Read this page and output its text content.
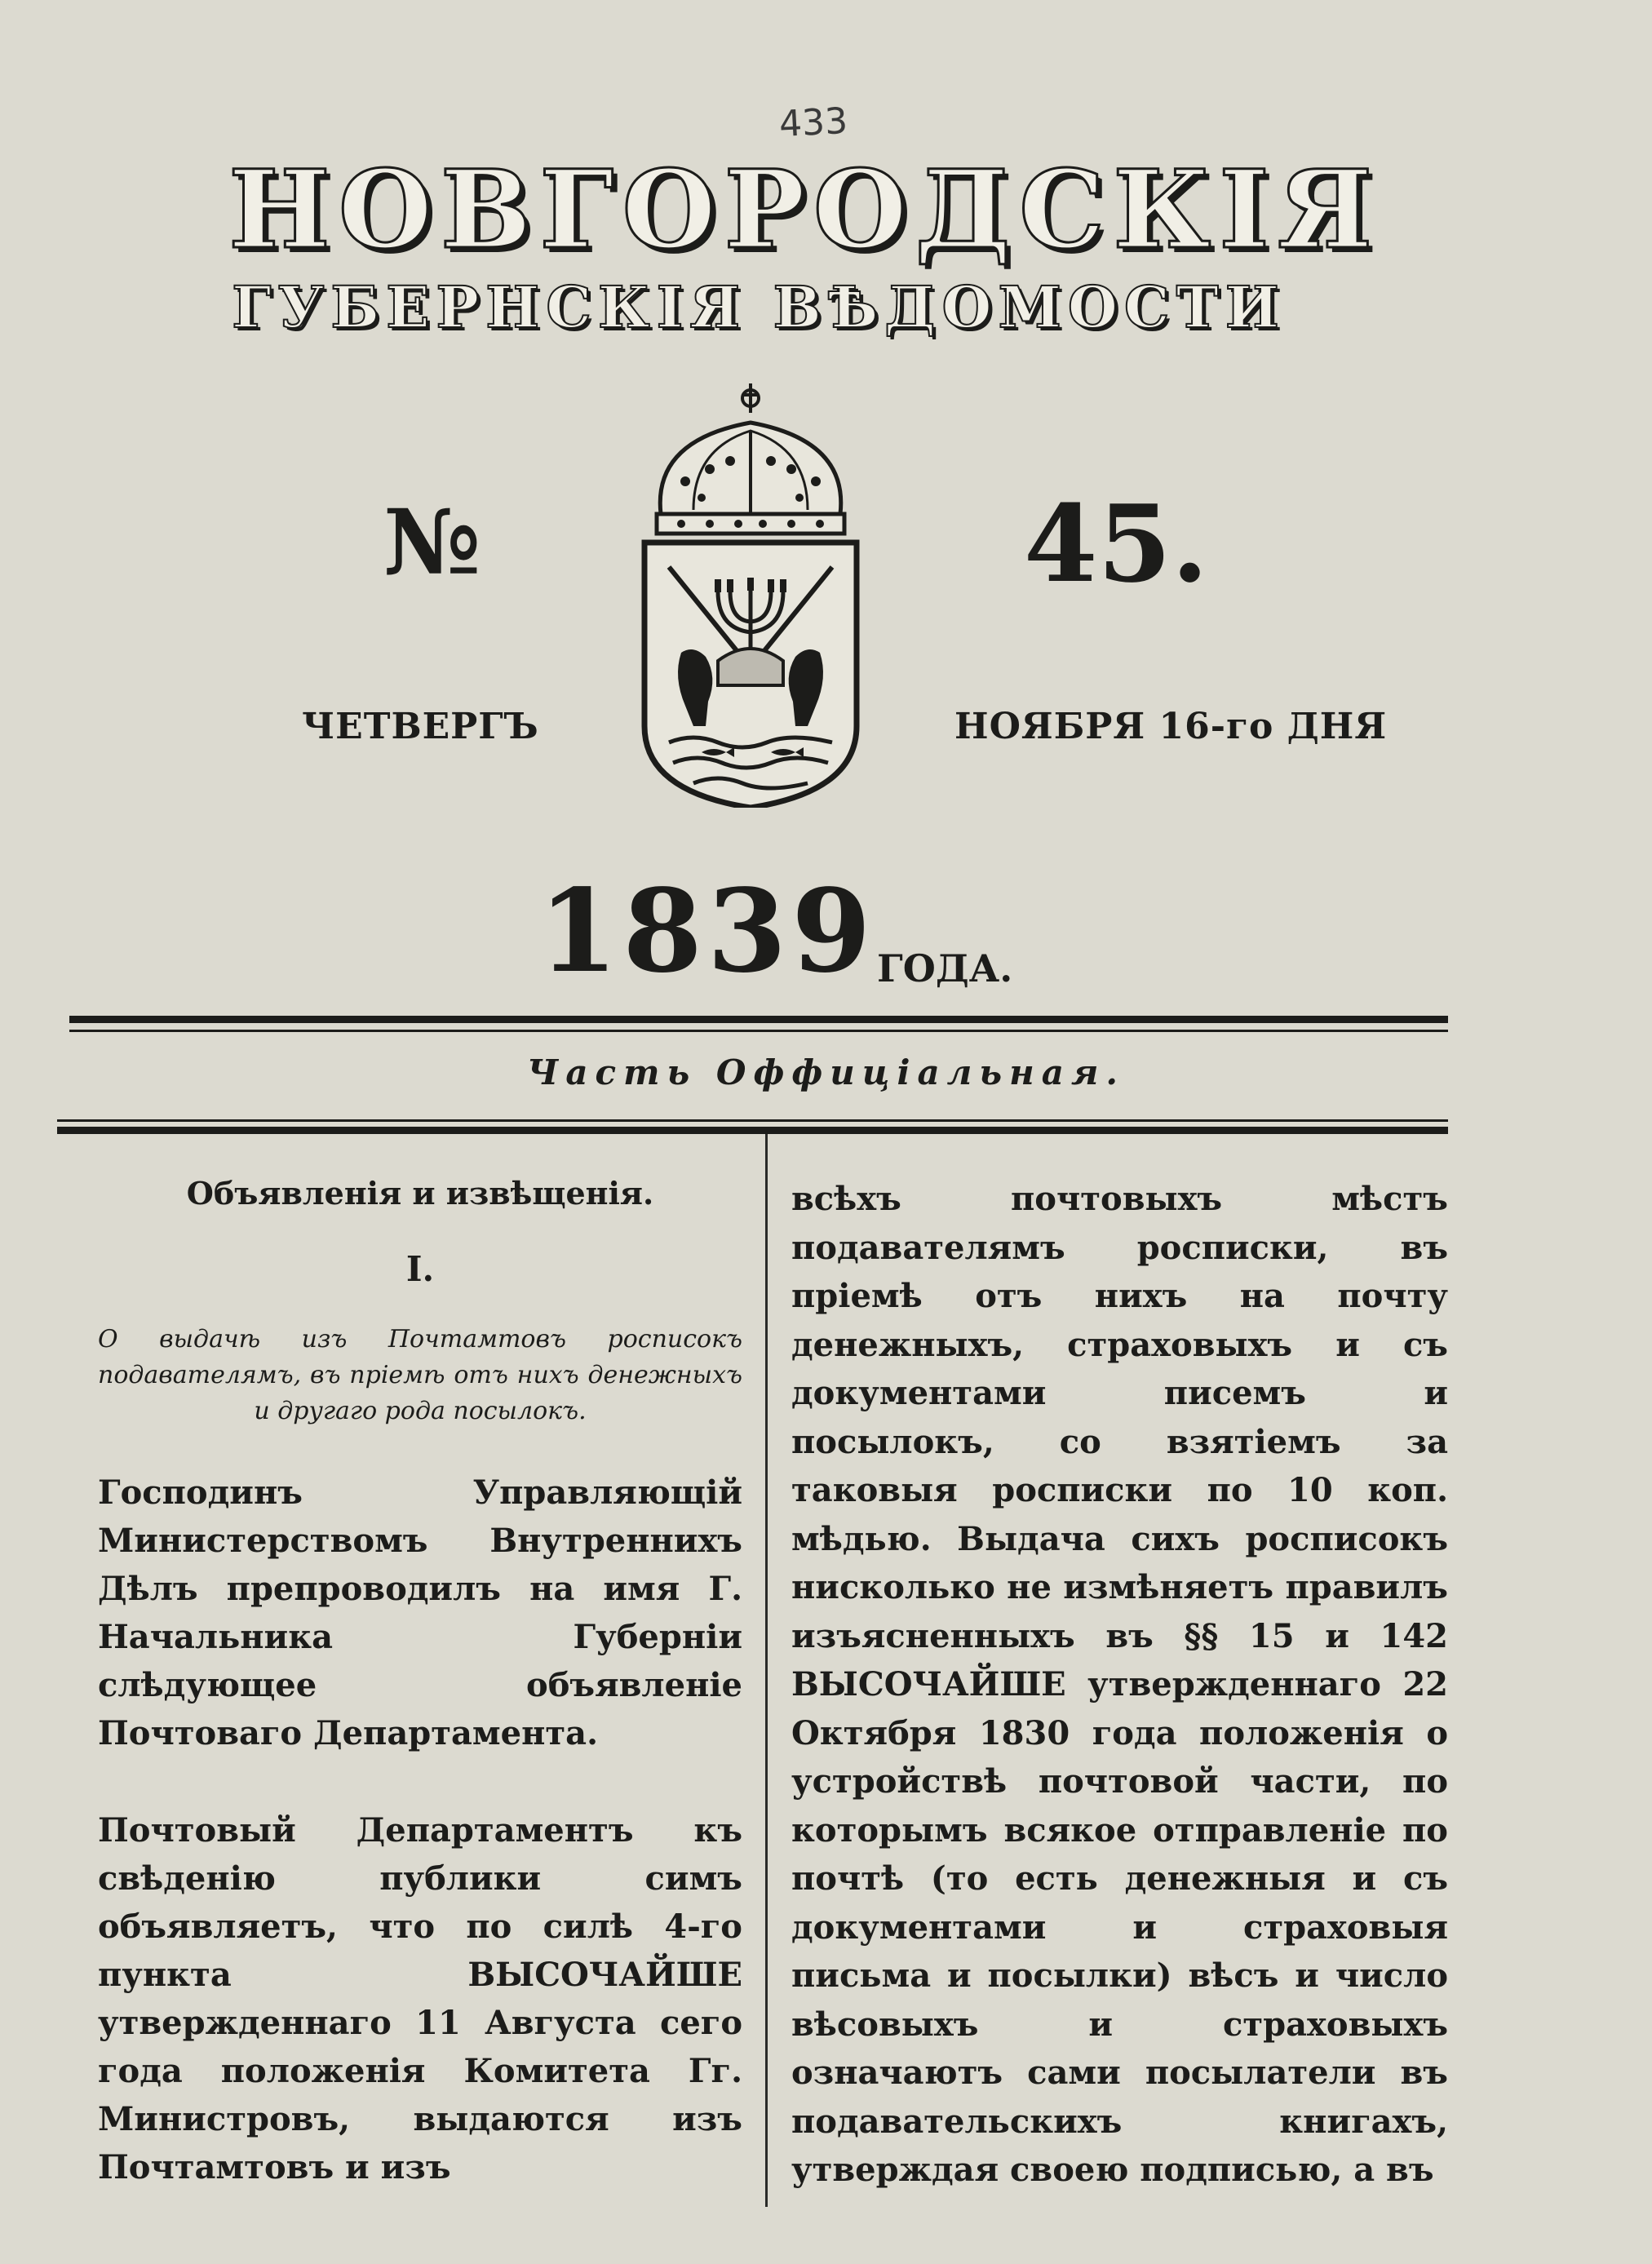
433
НОВГОРОДСКІЯ
ГУБЕРНСКІЯ ВѢДОМОСТИ
№	45.
ЧЕТВЕРГЪ	НОЯБРЯ 16-го ДНЯ
1839 ГОДА.
Часть Оффиціальная.
Объявленія и извѣщенія.
I.
О выдачѣ изъ Почтамтовъ росписокъ подавателямъ, въ пріемѣ отъ нихъ денежныхъ и другаго рода посылокъ.
Господинъ Управляющій Министерствомъ Внутреннихъ Дѣлъ препроводилъ на имя Г. Начальника Губерніи слѣдующее объявленіе Почтоваго Департамента.
Почтовый Департаментъ къ свѣденію публики симъ объявляетъ, что по силѣ 4-го пункта ВЫСОЧАЙШЕ утвержденнаго 11 Августа сего года положенія Комитета Гг. Министровъ, выдаются изъ Почтамтовъ и изъ
всѣхъ почтовыхъ мѣстъ подавателямъ росписки, въ пріемѣ отъ нихъ на почту денежныхъ, страховыхъ и съ документами писемъ и посылокъ, со взятіемъ за таковыя росписки по 10 коп. мѣдью. Выдача сихъ росписокъ нисколько не измѣняетъ правилъ изъясненныхъ въ §§ 15 и 142 ВЫСОЧАЙШЕ утвержденнаго 22 Октября 1830 года положенія о устройствѣ почтовой части, по которымъ всякое отправленіе по почтѣ (то есть денежныя и съ документами и страховыя письма и посылки) вѣсъ и число вѣсовыхъ и страховыхъ означаютъ сами посылатели въ подавательскихъ книгахъ, утверждая своею подписью, а въ
